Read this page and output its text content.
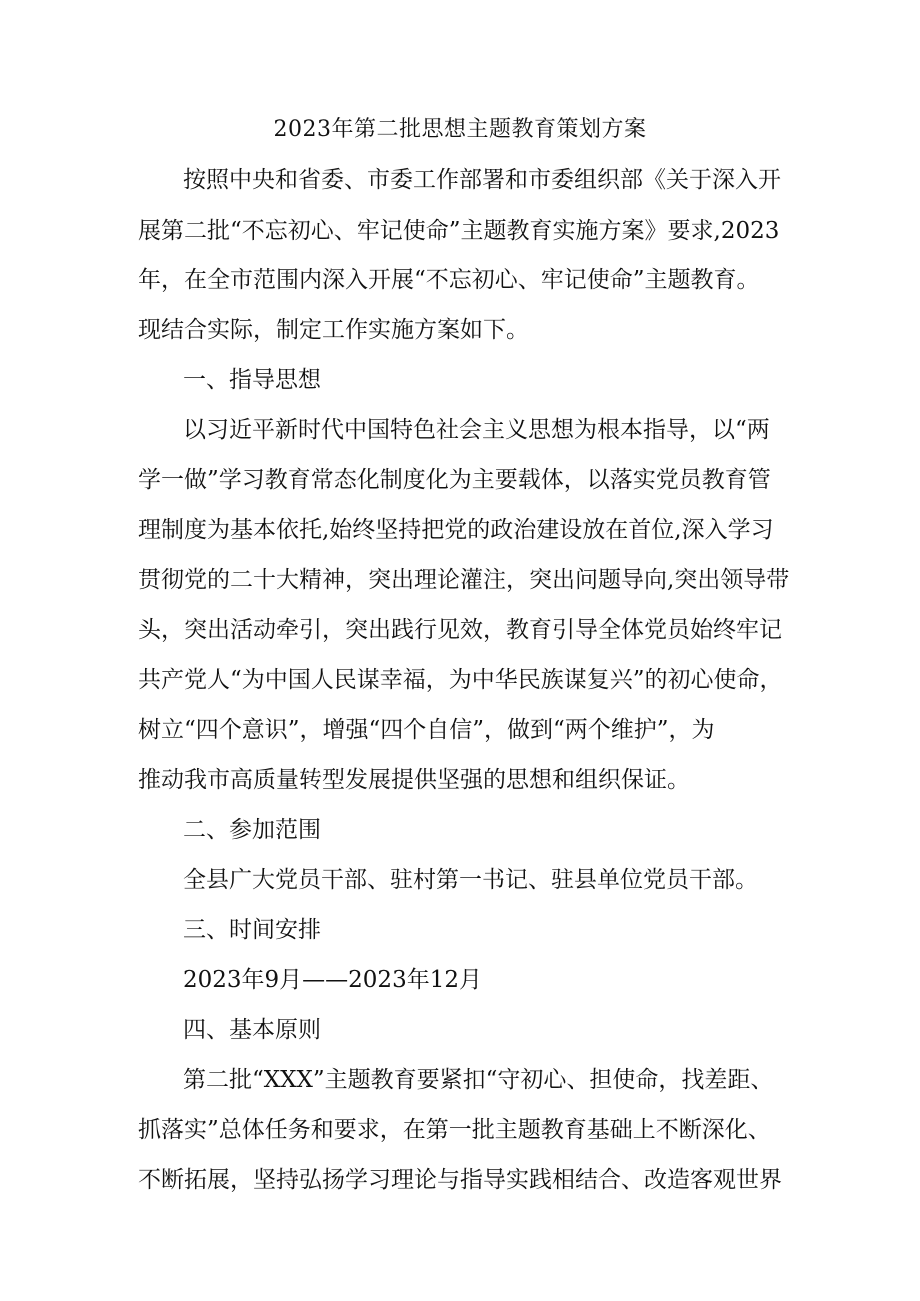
2023年第二批思想主题教育策划方案
按照中央和省委、市委工作部署和市委组织部《关于深入开
展第二批“不忘初心、牢记使命”主题教育实施方案》要求,2023
年，在全市范围内深入开展“不忘初心、牢记使命”主题教育。
现结合实际，制定工作实施方案如下。
一、指导思想
以习近平新时代中国特色社会主义思想为根本指导，以“两
学一做”学习教育常态化制度化为主要载体，以落实党员教育管
理制度为基本依托,始终坚持把党的政治建设放在首位,深入学习
贯彻党的二十大精神，突出理论灌注，突出问题导向,突出领导带
头，突出活动牵引，突出践行见效，教育引导全体党员始终牢记
共产党人“为中国人民谋幸福，为中华民族谋复兴”的初心使命，
树立“四个意识”，增强“四个自信”，做到“两个维护”，为
推动我市高质量转型发展提供坚强的思想和组织保证。
二、参加范围
全县广大党员干部、驻村第一书记、驻县单位党员干部。
三、时间安排
2023年9月——2023年12月
四、基本原则
第二批“XXX”主题教育要紧扣“守初心、担使命，找差距、
抓落实”总体任务和要求，在第一批主题教育基础上不断深化、
不断拓展，坚持弘扬学习理论与指导实践相结合、改造客观世界
